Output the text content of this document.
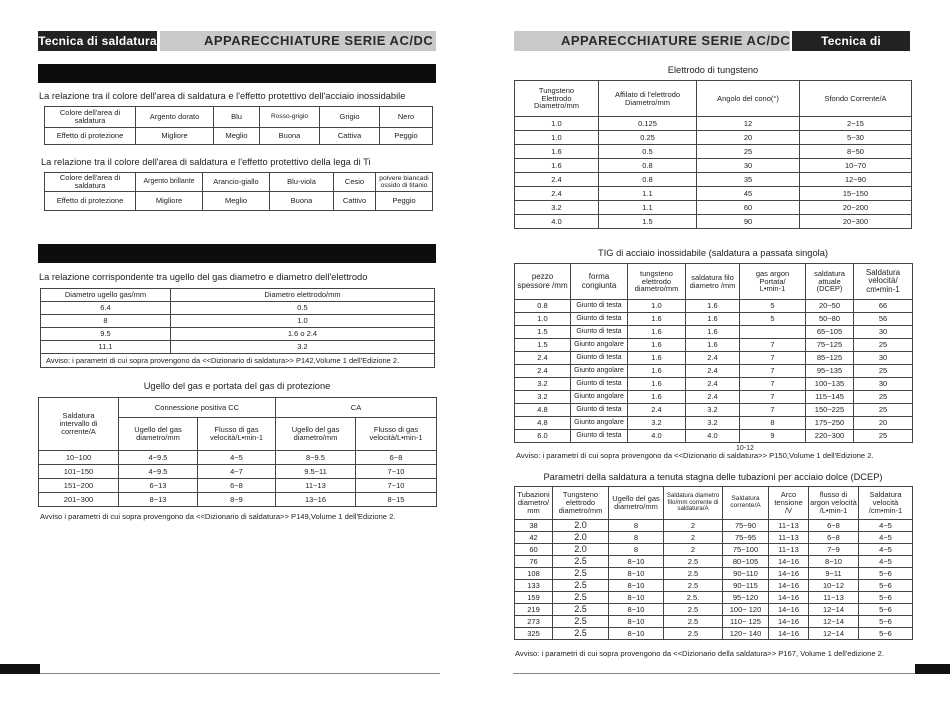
Tecnica di saldatura	APPARECCHIATURE SERIE AC/DC
La relazione tra il colore dell'area di saldatura e l'effetto protettivo dell'acciaio inossidabile
Colore dell'area di saldatura	Argento dorato	Blu	Rosso-grigio	Grigio	Nero
Effetto di protezione	Migliore	Meglio	Buona	Cattiva	Peggio
La relazione tra il colore dell'area di saldatura e l'effetto protettivo della lega di Ti
Colore dell'area di saldatura	Argento brillante	Arancio-giallo	Blu-viola	Cesio	polvere biancadi ossido di titanio
Effetto di protezione	Migliore	Meglio	Buona	Cattivo	Peggio
La relazione corrispondente tra ugello del gas diametro e diametro dell'elettrodo
Diametro ugello gas/mm	Diametro elettrodo/mm
6.4	0.5
8	1.0
9.5	1.6 o 2.4
11.1	3.2
Avviso: i parametri di cui sopra provengono da <<Dizionario di saldatura>> P142,Volume 1 dell'Edizione 2.	
Ugello del gas e portata del gas di protezione
Saldatura intervallo di corrente/A	Connessione positiva CC		CA	
	Ugello del gas diametro/mm	Flusso di gas velocità/L•min-1	Ugello del gas diametro/mm	Flusso di gas velocità/L•min-1
10~100	4~9.5	4~5	8~9.5	6~8
101~150	4~9.5	4~7	9.5~11	7~10
151~200	6~13	6~8	11~13	7~10
201~300	8~13	8~9	13~16	8~15
Avviso i parametri di cui sopra provengono da <<Dizionario di saldatura>> P149,Volume 1 dell'Edizione 2.
APPARECCHIATURE SERIE AC/DC	Tecnica di saldatura
Elettrodo di tungsteno
Tungsteno Elettrodo Diametro/mm	Affilato di l'elettrodo Diametro/mm	Angolo del cono(°)	Sfondo Corrente/A
1.0	0.125	12	2~15
1.0	0.25	20	5~30
1.6	0.5	25	8~50
1.6	0.8	30	10~70
2.4	0.8	35	12~90
2.4	1.1	45	15~150
3.2	1.1	60	20~200
4.0	1.5	90	20~300
TIG di acciaio inossidabile (saldatura a passata singola)
pezzo spessore /mm	forma congiunta	tungsteno elettrodo diametro/mm	saldatura filo diametro /mm	gas argon Portata/ L•min-1	saldatura attuale (DCEP)	Saldatura velocità/ cm•min-1
0.8	Giunto di testa	1.0	1.6	5	20~50	66
1.0	Giunto di testa	1.6	1.6	5	50~80	56
1.5	Giunto di testa	1.6	1.6		65~105	30
1.5	Giunto angolare	1.6	1.6	7	75~125	25
2.4	Giunto di testa	1.6	2.4	7	85~125	30
2.4	Giunto angolare	1.6	2.4	7	95~135	25
3.2	Giunto di testa	1.6	2.4	7	100~135	30
3.2	Giunto angolare	1.6	2.4	7	115~145	25
4.8	Giunto di testa	2.4	3.2	7	150~225	25
4.8	Giunto angolare	3.2	3.2	8	175~250	20
6.0	Giunto di testa	4.0	4.0	9	220~300	25
10-12
Avviso: i parametri di cui sopra provengono da <<Dizionario di saldatura>> P150,Volume 1 dell'Edizione 2.
Parametri della saldatura a tenuta stagna delle tubazioni per acciaio dolce (DCEP)
Tubazioni diametro/ mm	Tungsteno elettrodo diametro/mm	Ugello del gas diametro/mm	Saldatura diametro filo/mm corrente di saldatura/A	Saldatura corrente/A	Arco tensione /V	flusso di argon velocità /L•min-1	Saldatura velocità /cm•min-1
38	2.0	8	2	75~90	11~13	6~8	4~5
42	2.0	8	2	75~95	11~13	6~8	4~5
60	2.0	8	2	75~100	11~13	7~9	4~5
76	2.5	8~10	2.5	80~105	14~16	8~10	4~5
108	2.5	8~10	2.5	90~110	14~16	9~11	5~6
133	2.5	8~10	2.5	90~115	14~16	10~12	5~6
159	2.5	8~10	2.5.	95~120	14~16	11~13	5~6
219	2.5	8~10	2.5	100~ 120	14~16	12~14	5~6
273	2.5	8~10	2.5	110~ 125	14~16	12~14	5~6
325	2.5	8~10	2.5	120~ 140	14~16	12~14	5~6
Avviso: i parametri di cui sopra provengono da <<Dizionario della saldatura>> P167, Volume 1 dell'edizione 2.
